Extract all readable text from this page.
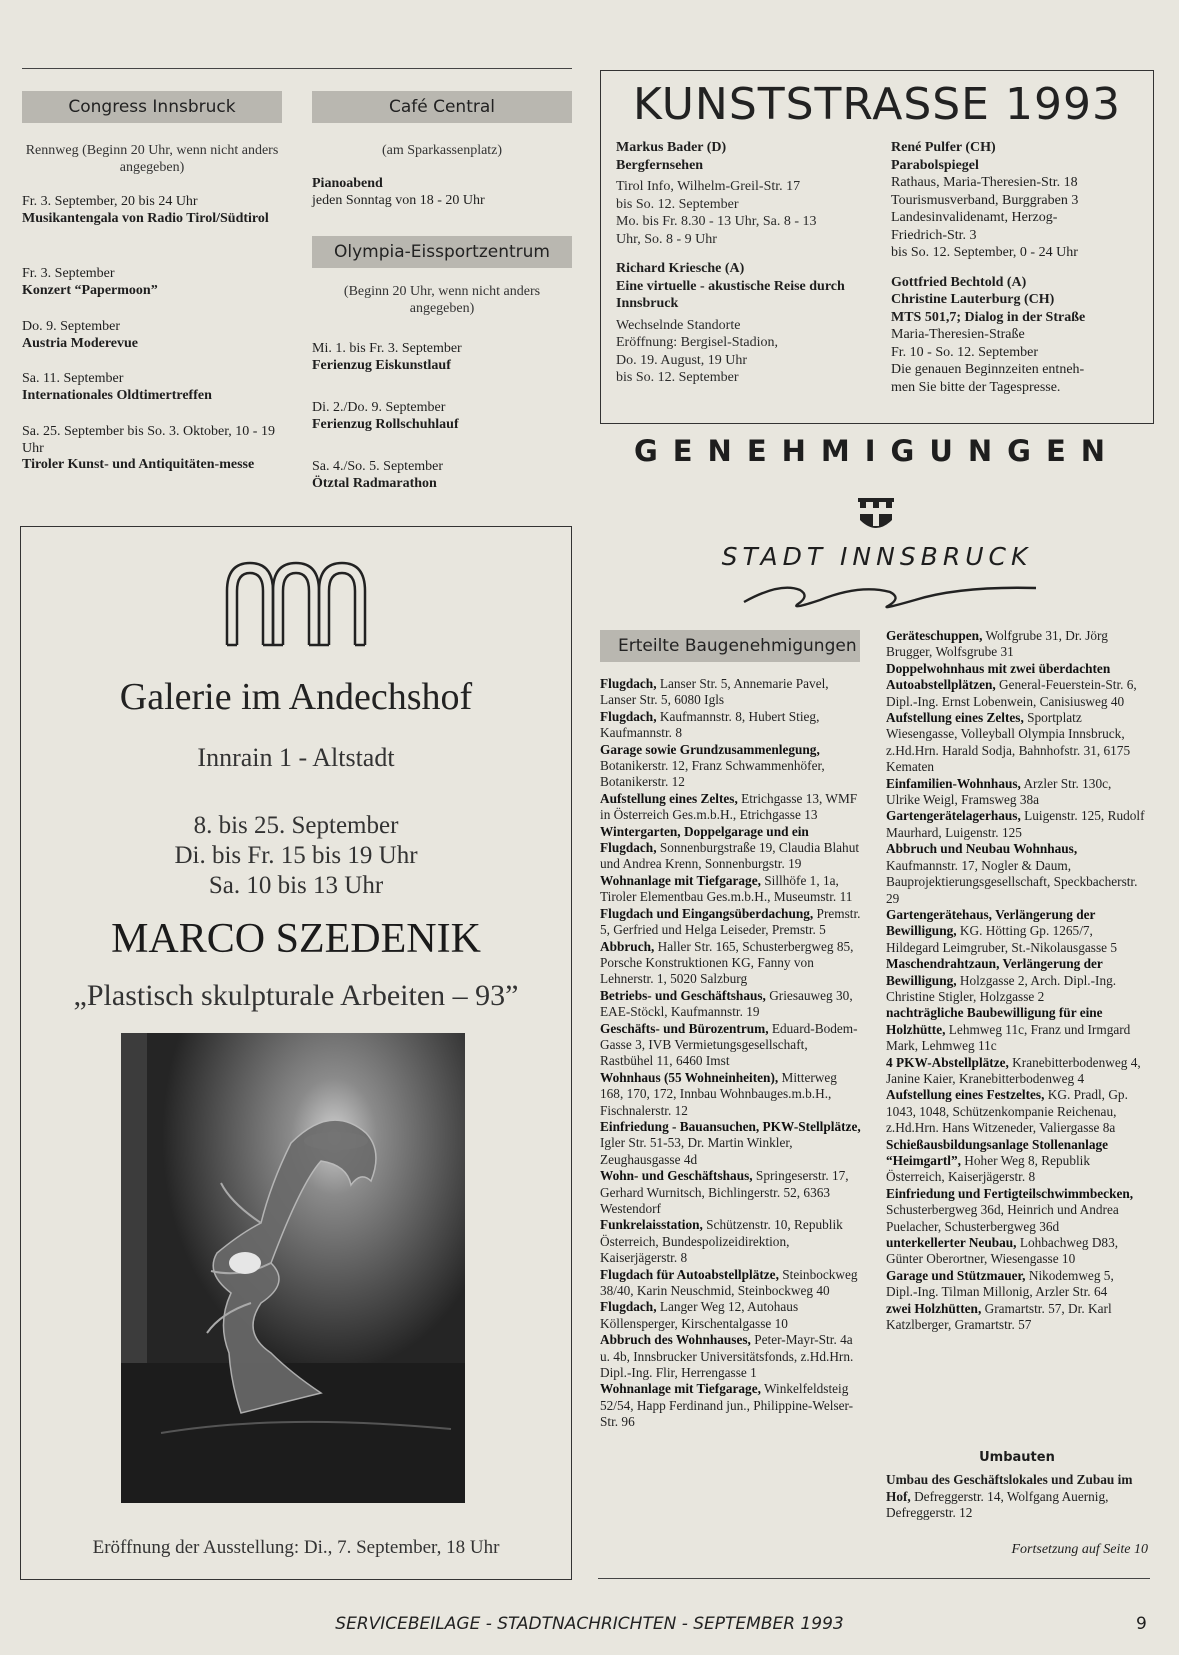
Congress Innsbruck
Rennweg (Beginn 20 Uhr, wenn nicht anders angegeben)
Fr. 3. September, 20 bis 24 Uhr
Musikantengala von Radio Tirol/Südtirol
Fr. 3. September
Konzert “Papermoon”
Do. 9. September
Austria Moderevue
Sa. 11. September
Internationales Oldtimertreffen
Sa. 25. September bis So. 3. Oktober, 10 - 19 Uhr
Tiroler Kunst- und Antiquitäten-messe
Café Central
(am Sparkassenplatz)
Pianoabend
jeden Sonntag von 18 - 20 Uhr
Olympia-Eissportzentrum
(Beginn 20 Uhr, wenn nicht anders angegeben)
Mi. 1. bis Fr. 3. September
Ferienzug Eiskunstlauf
Di. 2./Do. 9. September
Ferienzug Rollschuhlauf
Sa. 4./So. 5. September
Ötztal Radmarathon
KUNSTSTRASSE 1993
Markus Bader (D)
Bergfernsehen
Tirol Info, Wilhelm-Greil-Str. 17
bis So. 12. September
Mo. bis Fr. 8.30 - 13 Uhr, Sa. 8 - 13
Uhr, So. 8 - 9 Uhr
Richard Kriesche (A)
Eine virtuelle - akustische Reise durch Innsbruck
Wechselnde Standorte
Eröffnung: Bergisel-Stadion,
Do. 19. August, 19 Uhr
bis So. 12. September
René Pulfer (CH)
Parabolspiegel
Rathaus, Maria-Theresien-Str. 18
Tourismusverband, Burggraben 3
Landesinvalidenamt, Herzog-
Friedrich-Str. 3
bis So. 12. September, 0 - 24 Uhr
Gottfried Bechtold (A)
Christine Lauterburg (CH)
MTS 501,7; Dialog in der Straße
Maria-Theresien-Straße
Fr. 10 - So. 12. September
Die genauen Beginnzeiten entneh-
men Sie bitte der Tagespresse.
GENEHMIGUNGEN
STADT INNSBRUCK
Galerie im Andechshof
Innrain 1 - Altstadt
8. bis 25. September
Di. bis Fr. 15 bis 19 Uhr
Sa. 10 bis 13 Uhr
MARCO SZEDENIK
„Plastisch skulpturale Arbeiten – 93”
Eröffnung der Ausstellung: Di., 7. September, 18 Uhr
Erteilte Baugenehmigungen

Flugdach, Lanser Str. 5, Annemarie Pavel, Lanser Str. 5, 6080 Igls

Flugdach, Kaufmannstr. 8, Hubert Stieg, Kaufmannstr. 8

Garage sowie Grundzusammenlegung, Botanikerstr. 12, Franz Schwammenhöfer, Botanikerstr. 12

Aufstellung eines Zeltes, Etrichgasse 13, WMF in Österreich Ges.m.b.H., Etrichgasse 13

Wintergarten, Doppelgarage und ein Flugdach, Sonnenburgstraße 19, Claudia Blahut und Andrea Krenn, Sonnenburgstr. 19

Wohnanlage mit Tiefgarage, Sillhöfe 1, 1a, Tiroler Elementbau Ges.m.b.H., Museumstr. 11

Flugdach und Eingangsüberdachung, Premstr. 5, Gerfried und Helga Leiseder, Premstr. 5

Abbruch, Haller Str. 165, Schusterbergweg 85, Porsche Konstruktionen KG, Fanny von Lehnerstr. 1, 5020 Salzburg

Betriebs- und Geschäftshaus, Griesauweg 30, EAE-Stöckl, Kaufmannstr. 19

Geschäfts- und Bürozentrum, Eduard-Bodem-Gasse 3, IVB Vermietungsgesellschaft, Rastbühel 11, 6460 Imst

Wohnhaus (55 Wohneinheiten), Mitterweg 168, 170, 172, Innbau Wohnbauges.m.b.H., Fischnalerstr. 12

Einfriedung - Bauansuchen, PKW-Stellplätze, Igler Str. 51-53, Dr. Martin Winkler, Zeughausgasse 4d

Wohn- und Geschäftshaus, Springeserstr. 17, Gerhard Wurnitsch, Bichlingerstr. 52, 6363 Westendorf

Funkrelaisstation, Schützenstr. 10, Republik Österreich, Bundespolizeidirektion, Kaiserjägerstr. 8

Flugdach für Autoabstellplätze, Steinbockweg 38/40, Karin Neuschmid, Steinbockweg 40

Flugdach, Langer Weg 12, Autohaus Köllensperger, Kirschentalgasse 10

Abbruch des Wohnhauses, Peter-Mayr-Str. 4a u. 4b, Innsbrucker Universitätsfonds, z.Hd.Hrn. Dipl.-Ing. Flir, Herrengasse 1

Wohnanlage mit Tiefgarage, Winkelfeldsteig 52/54, Happ Ferdinand jun., Philippine-Welser-Str. 96

Geräteschuppen, Wolfgrube 31, Dr. Jörg Brugger, Wolfsgrube 31

Doppelwohnhaus mit zwei überdachten Autoabstellplätzen, General-Feuerstein-Str. 6, Dipl.-Ing. Ernst Lobenwein, Canisiusweg 40

Aufstellung eines Zeltes, Sportplatz Wiesengasse, Volleyball Olympia Innsbruck, z.Hd.Hrn. Harald Sodja, Bahnhofstr. 31, 6175 Kematen

Einfamilien-Wohnhaus, Arzler Str. 130c, Ulrike Weigl, Framsweg 38a

Gartengerätelagerhaus, Luigenstr. 125, Rudolf Maurhard, Luigenstr. 125

Abbruch und Neubau Wohnhaus, Kaufmannstr. 17, Nogler & Daum, Bauprojektierungsgesellschaft, Speckbacherstr. 29

Gartengerätehaus, Verlängerung der Bewilligung, KG. Hötting Gp. 1265/7, Hildegard Leimgruber, St.-Nikolausgasse 5

Maschendrahtzaun, Verlängerung der Bewilligung, Holzgasse 2, Arch. Dipl.-Ing. Christine Stigler, Holzgasse 2

nachträgliche Baubewilligung für eine Holzhütte, Lehmweg 11c, Franz und Irmgard Mark, Lehmweg 11c

4 PKW-Abstellplätze, Kranebitterbodenweg 4, Janine Kaier, Kranebitterbodenweg 4

Aufstellung eines Festzeltes, KG. Pradl, Gp. 1043, 1048, Schützenkompanie Reichenau, z.Hd.Hrn. Hans Witzeneder, Valiergasse 8a

Schießausbildungsanlage Stollenanlage “Heimgartl”, Hoher Weg 8, Republik Österreich, Kaiserjägerstr. 8

Einfriedung und Fertigteilschwimmbecken, Schusterbergweg 36d, Heinrich und Andrea Puelacher, Schusterbergweg 36d

unterkellerter Neubau, Lohbachweg D83, Günter Oberortner, Wiesengasse 10

Garage und Stützmauer, Nikodemweg 5, Dipl.-Ing. Tilman Millonig, Arzler Str. 64

zwei Holzhütten, Gramartstr. 57, Dr. Karl Katzlberger, Gramartstr. 57

Umbauten
Umbau des Geschäftslokales und Zubau im Hof, Defreggerstr. 14, Wolfgang Auernig, Defreggerstr. 12
Fortsetzung auf Seite 10
SERVICEBEILAGE - STADTNACHRICHTEN - SEPTEMBER 1993	9
